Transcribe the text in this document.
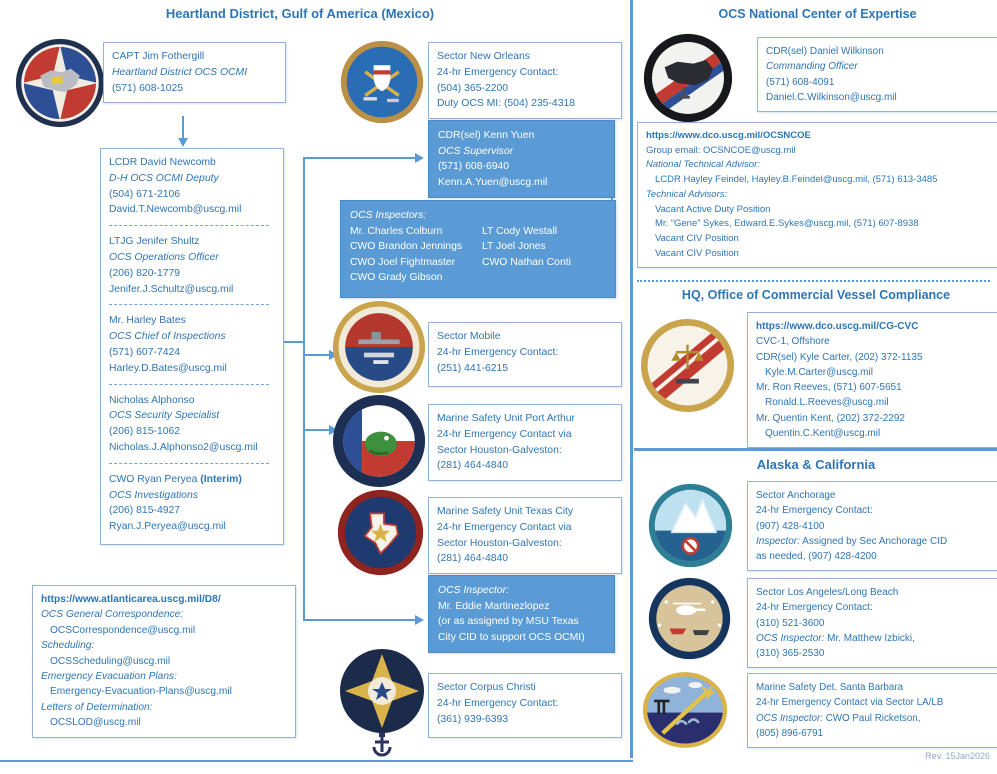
Heartland District, Gulf of America (Mexico)	OCS National Center of Expertise
HQ, Office of Commercial Vessel Compliance
Alaska & California
CAPT Jim Fothergill
Heartland District OCS OCMI
(571) 608-1025
LCDR David Newcomb
D-H OCS OCMI Deputy
(504) 671-2106
David.T.Newcomb@uscg.mil
LTJG Jenifer Shultz
OCS Operations Officer
(206) 820-1779
Jenifer.J.Schultz@uscg.mil
Mr. Harley Bates
OCS Chief of Inspections
(571) 607-7424
Harley.D.Bates@uscg.mil
Nicholas Alphonso
OCS Security Specialist
(206) 815-1062
Nicholas.J.Alphonso2@uscg.mil
CWO Ryan Peryea (Interim)
OCS Investigations
(206) 815-4927
Ryan.J.Peryea@uscg.mil
https://www.atlanticarea.uscg.mil/D8/
OCS General Correspondence:
OCSCorrespondence@uscg.mil
Scheduling:
OCSScheduling@uscg.mil
Emergency Evacuation Plans:
Emergency-Evacuation-Plans@uscg.mil
Letters of Determination:
OCSLOD@uscg.mil
Sector New Orleans
24-hr Emergency Contact:
(504) 365-2200
Duty OCS MI: (504) 235-4318
CDR(sel) Kenn Yuen
OCS Supervisor
(571) 608-6940
Kenn.A.Yuen@uscg.mil
OCS Inspectors:
Mr. Charles Colburn
CWO Brandon Jennings
CWO Joel Fightmaster
CWO Grady Gibson
LT Cody Westall
LT Joel Jones
CWO Nathan Conti
Sector Mobile
24-hr Emergency Contact:
(251) 441-6215
Marine Safety Unit Port Arthur
24-hr Emergency Contact via
Sector Houston-Galveston:
(281) 464-4840
Marine Safety Unit Texas City
24-hr Emergency Contact via
Sector Houston-Galveston:
(281) 464-4840
OCS Inspector:
Mr. Eddie Martinezlopez
(or as assigned by MSU Texas
City CID to support OCS OCMI)
Sector Corpus Christi
24-hr Emergency Contact:
(361) 939-6393
CDR(sel) Daniel Wilkinson
Commanding Officer
(571) 608-4091
Daniel.C.Wilkinson@uscg.mil
https://www.dco.uscg.mil/OCSNCOE
Group email: OCSNCOE@uscg.mil
National Technical Advisor:
LCDR Hayley Feindel, Hayley.B.Feindel@uscg.mil, (571) 613-3485
Technical Advisors:
Vacant Active Duty Position
Mr. “Gene” Sykes, Edward.E.Sykes@uscg.mil, (571) 607-8938
Vacant CIV Position
Vacant CIV Position
https://www.dco.uscg.mil/CG-CVC
CVC-1, Offshore
CDR(sel) Kyle Carter, (202) 372-1135
Kyle.M.Carter@uscg.mil
Mr. Ron Reeves, (571) 607-5651
Ronald.L.Reeves@uscg.mil
Mr. Quentin Kent, (202) 372-2292
Quentin.C.Kent@uscg.mil
Sector Anchorage
24-hr Emergency Contact:
(907) 428-4100
Inspector: Assigned by Sec Anchorage CID
as needed, (907) 428-4200
Sector Los Angeles/Long Beach
24-hr Emergency Contact:
(310) 521-3600
OCS Inspector: Mr. Matthew Izbicki,
(310) 365-2530
Marine Safety Det. Santa Barbara
24-hr Emergency Contact via Sector LA/LB
OCS Inspector: CWO Paul Ricketson,
(805) 896-6791
Rev. 15Jan2026
